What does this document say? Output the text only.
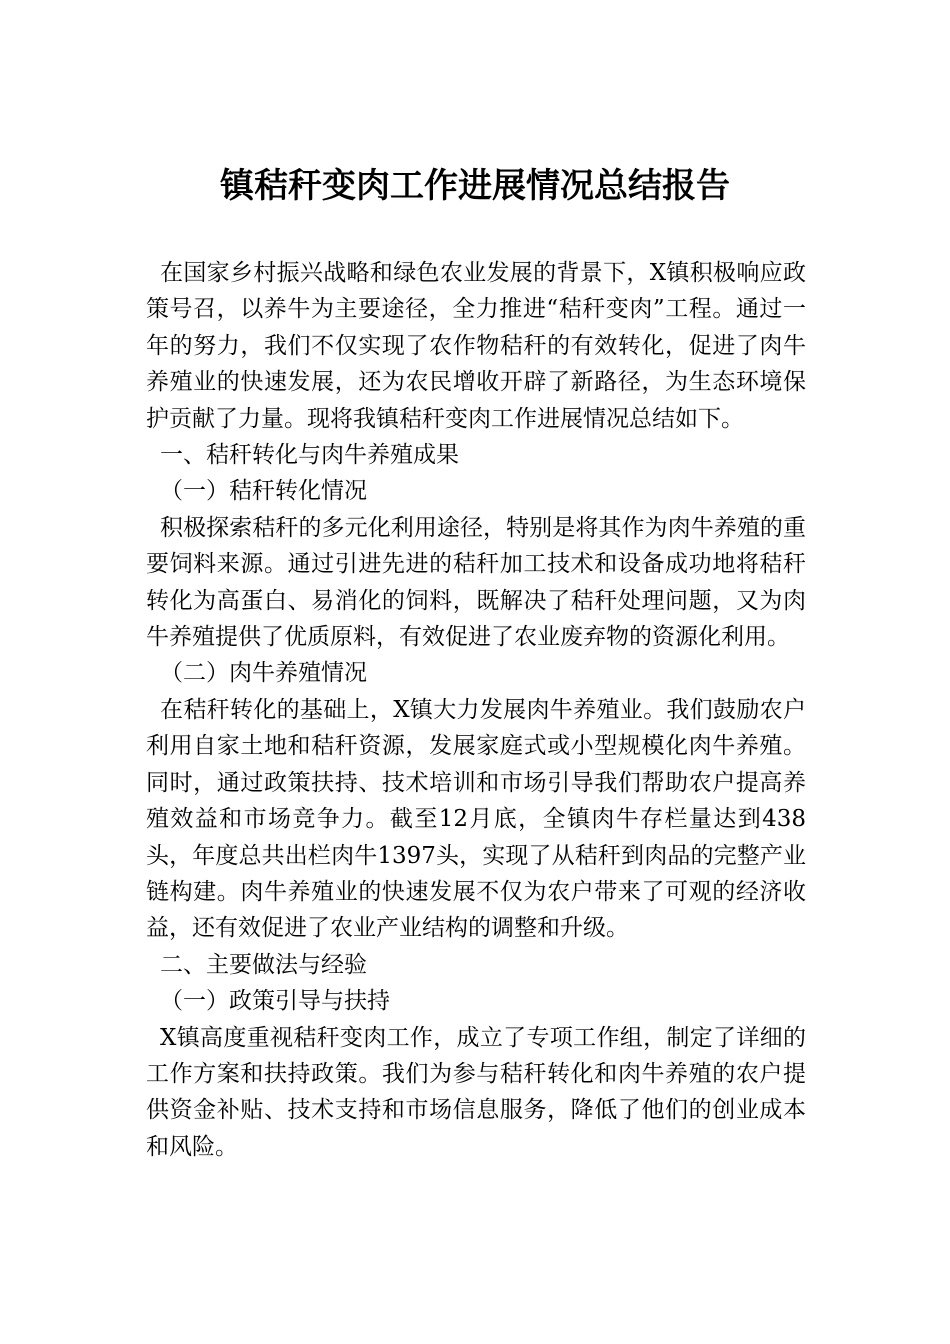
镇秸秆变肉工作进展情况总结报告

在国家乡村振兴战略和绿色农业发展的背景下，X镇积极响应政策号召，以养牛为主要途径，全力推进“秸秆变肉”工程。通过一年的努力，我们不仅实现了农作物秸秆的有效转化，促进了肉牛养殖业的快速发展，还为农民增收开辟了新路径，为生态环境保护贡献了力量。现将我镇秸秆变肉工作进展情况总结如下。

一、秸秆转化与肉牛养殖成果
（一）秸秆转化情况

积极探索秸秆的多元化利用途径，特别是将其作为肉牛养殖的重要饲料来源。通过引进先进的秸秆加工技术和设备成功地将秸秆转化为高蛋白、易消化的饲料，既解决了秸秆处理问题，又为肉牛养殖提供了优质原料，有效促进了农业废弃物的资源化利用。

（二）肉牛养殖情况

在秸秆转化的基础上，X镇大力发展肉牛养殖业。我们鼓励农户利用自家土地和秸秆资源，发展家庭式或小型规模化肉牛养殖。同时，通过政策扶持、技术培训和市场引导我们帮助农户提高养殖效益和市场竞争力。截至12月底，全镇肉牛存栏量达到438头，年度总共出栏肉牛1397头，实现了从秸秆到肉品的完整产业链构建。肉牛养殖业的快速发展不仅为农户带来了可观的经济收益，还有效促进了农业产业结构的调整和升级。

二、主要做法与经验
（一）政策引导与扶持

X镇高度重视秸秆变肉工作，成立了专项工作组，制定了详细的工作方案和扶持政策。我们为参与秸秆转化和肉牛养殖的农户提供资金补贴、技术支持和市场信息服务，降低了他们的创业成本和风险。
